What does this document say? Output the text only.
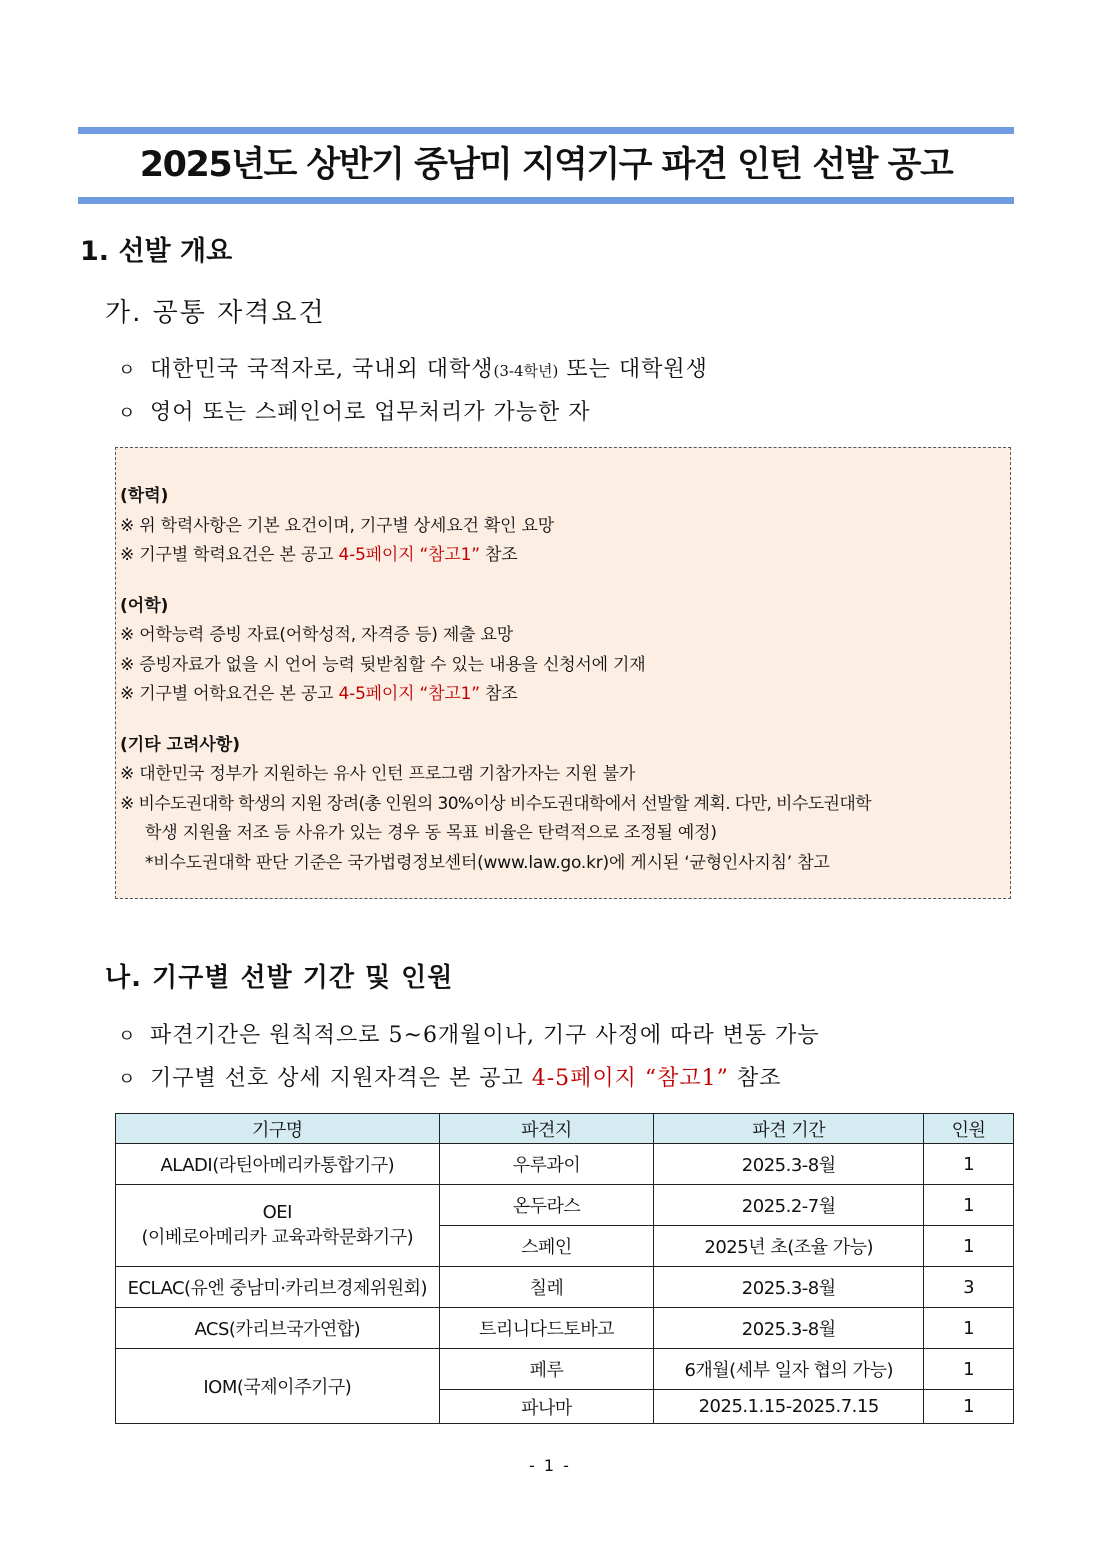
2025년도 상반기 중남미 지역기구 파견 인턴 선발 공고
1. 선발 개요
가. 공통 자격요건
ㅇ 대한민국 국적자로, 국내외 대학생(3-4학년) 또는 대학원생
ㅇ 영어 또는 스페인어로 업무처리가 가능한 자
(학력)
※ 위 학력사항은 기본 요건이며, 기구별 상세요건 확인 요망
※ 기구별 학력요건은 본 공고 4-5페이지 “참고1” 참조
(어학)
※ 어학능력 증빙 자료(어학성적, 자격증 등) 제출 요망
※ 증빙자료가 없을 시 언어 능력 뒷받침할 수 있는 내용을 신청서에 기재
※ 기구별 어학요건은 본 공고 4-5페이지 “참고1” 참조
(기타 고려사항)
※ 대한민국 정부가 지원하는 유사 인턴 프로그램 기참가자는 지원 불가
※ 비수도권대학 학생의 지원 장려(총 인원의 30%이상 비수도권대학에서 선발할 계획. 다만, 비수도권대학
학생 지원율 저조 등 사유가 있는 경우 동 목표 비율은 탄력적으로 조정될 예정)
*비수도권대학 판단 기준은 국가법령정보센터(www.law.go.kr)에 게시된 ‘균형인사지침’ 참고
나. 기구별 선발 기간 및 인원
ㅇ 파견기간은 원칙적으로 5~6개월이나, 기구 사정에 따라 변동 가능
ㅇ 기구별 선호 상세 지원자격은 본 공고 4-5페이지 “참고1” 참조
기구명	파견지	파견 기간	인원
ALADI(라틴아메리카통합기구)	우루과이	2025.3-8월	1

OEI
(이베로아메리카 교육과학문화기구)	온두라스	2025.2-7월	1
	스페인	2025년 초(조율 가능)	1
ECLAC(유엔 중남미·카리브경제위원회)	칠레	2025.3-8월	3
ACS(카리브국가연합)	트리니다드토바고	2025.3-8월	1
IOM(국제이주기구)	페루	6개월(세부 일자 협의 가능)	1
	파나마	2025.1.15-2025.7.15	1
- 1 -
